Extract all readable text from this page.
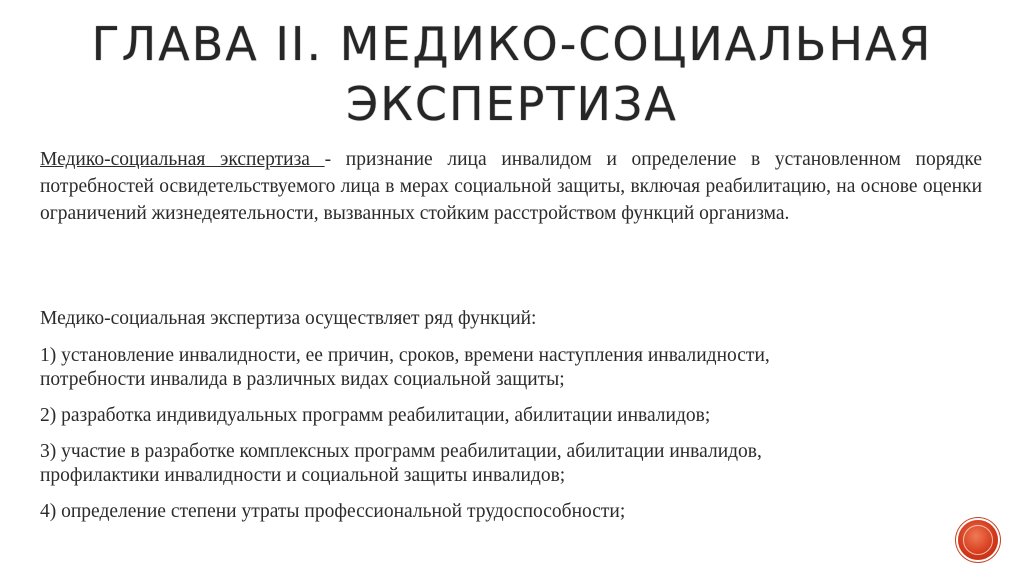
ГЛАВА II. МЕДИКО-СОЦИАЛЬНАЯ
ЭКСПЕРТИЗА
Медико-социальная экспертиза - признание лица инвалидом и определение в установленном порядке потребностей освидетельствуемого лица в мерах социальной защиты, включая реабилитацию, на основе оценки ограничений жизнедеятельности, вызванных стойким расстройством функций организма.
Медико-социальная экспертиза осуществляет ряд функций:
1) установление инвалидности, ее причин, сроков, времени наступления инвалидности,
потребности инвалида в различных видах социальной защиты;
2) разработка индивидуальных программ реабилитации, абилитации инвалидов;
3) участие в разработке комплексных программ реабилитации, абилитации инвалидов,
профилактики инвалидности и социальной защиты инвалидов;
4) определение степени утраты профессиональной трудоспособности;
